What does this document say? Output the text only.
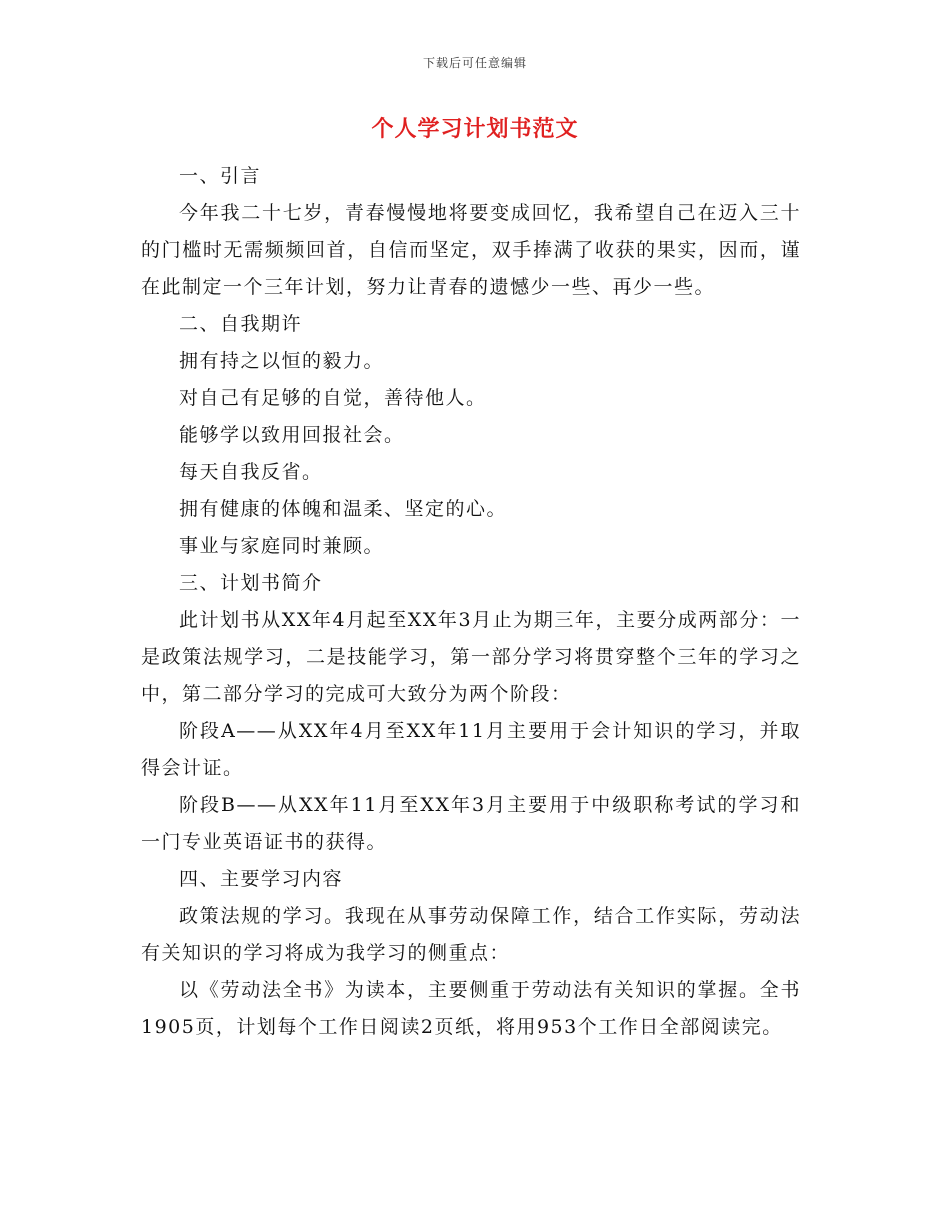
下载后可任意编辑
个人学习计划书范文

一、引言

今年我二十七岁，青春慢慢地将要变成回忆，我希望自己在迈入三十的门槛时无需频频回首，自信而坚定，双手捧满了收获的果实，因而，谨在此制定一个三年计划，努力让青春的遗憾少一些、再少一些。

二、自我期许

拥有持之以恒的毅力。

对自己有足够的自觉，善待他人。

能够学以致用回报社会。

每天自我反省。

拥有健康的体魄和温柔、坚定的心。

事业与家庭同时兼顾。

三、计划书简介

此计划书从XX年4月起至XX年3月止为期三年，主要分成两部分：一是政策法规学习，二是技能学习，第一部分学习将贯穿整个三年的学习之中，第二部分学习的完成可大致分为两个阶段：

阶段A——从XX年4月至XX年11月主要用于会计知识的学习，并取得会计证。

阶段B——从XX年11月至XX年3月主要用于中级职称考试的学习和一门专业英语证书的获得。

四、主要学习内容

政策法规的学习。我现在从事劳动保障工作，结合工作实际，劳动法有关知识的学习将成为我学习的侧重点：

以《劳动法全书》为读本，主要侧重于劳动法有关知识的掌握。全书1905页，计划每个工作日阅读2页纸，将用953个工作日全部阅读完。
